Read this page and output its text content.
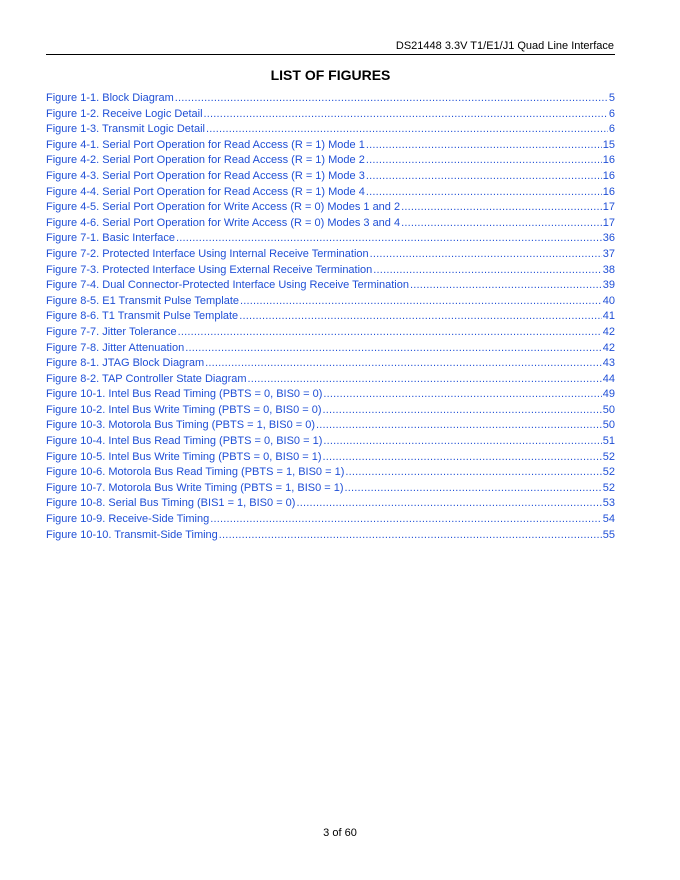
DS21448 3.3V T1/E1/J1 Quad Line Interface
LIST OF FIGURES
Figure 1-1. Block Diagram .....	5
Figure 1-2. Receive Logic Detail .....	6
Figure 1-3. Transmit Logic Detail .....	6
Figure 4-1. Serial Port Operation for Read Access (R = 1) Mode 1 .....	15
Figure 4-2. Serial Port Operation for Read Access (R = 1) Mode 2 .....	16
Figure 4-3. Serial Port Operation for Read Access (R = 1) Mode 3 .....	16
Figure 4-4. Serial Port Operation for Read Access (R = 1) Mode 4 .....	16
Figure 4-5. Serial Port Operation for Write Access (R = 0) Modes 1 and 2 .....	17
Figure 4-6. Serial Port Operation for Write Access (R = 0) Modes 3 and 4 .....	17
Figure 7-1. Basic Interface .....	36
Figure 7-2. Protected Interface Using Internal Receive Termination .....	37
Figure 7-3. Protected Interface Using External Receive Termination .....	38
Figure 7-4. Dual Connector-Protected Interface Using Receive Termination .....	39
Figure 8-5. E1 Transmit Pulse Template .....	40
Figure 8-6. T1 Transmit Pulse Template .....	41
Figure 7-7. Jitter Tolerance .....	42
Figure 7-8. Jitter Attenuation .....	42
Figure 8-1. JTAG Block Diagram .....	43
Figure 8-2. TAP Controller State Diagram .....	44
Figure 10-1. Intel Bus Read Timing (PBTS = 0, BIS0 = 0) .....	49
Figure 10-2. Intel Bus Write Timing (PBTS = 0, BIS0 = 0) .....	50
Figure 10-3. Motorola Bus Timing (PBTS = 1, BIS0 = 0) .....	50
Figure 10-4. Intel Bus Read Timing (PBTS = 0, BIS0 = 1) .....	51
Figure 10-5. Intel Bus Write Timing (PBTS = 0, BIS0 = 1) .....	52
Figure 10-6. Motorola Bus Read Timing (PBTS = 1, BIS0 = 1) .....	52
Figure 10-7. Motorola Bus Write Timing (PBTS = 1, BIS0 = 1) .....	52
Figure 10-8. Serial Bus Timing (BIS1 = 1, BIS0 = 0) .....	53
Figure 10-9. Receive-Side Timing .....	54
Figure 10-10. Transmit-Side Timing .....	55
3 of 60
